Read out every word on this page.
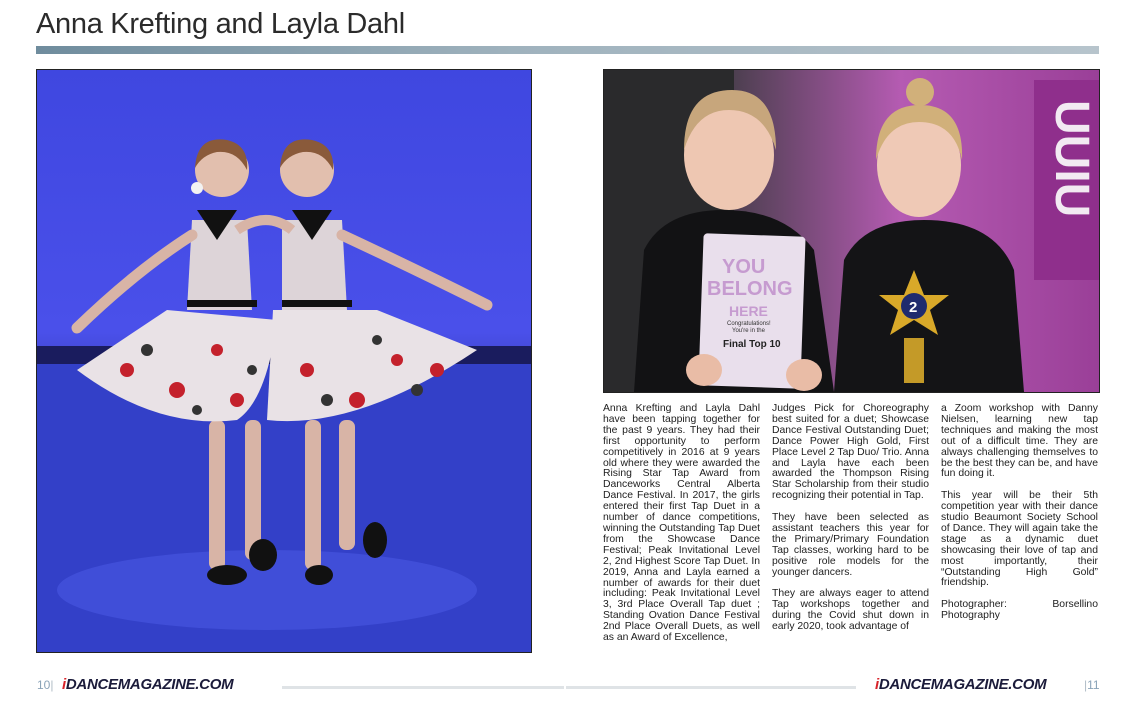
Anna Krefting and Layla Dahl
UUIU
YOU
BELONG
HERE
Congratulations!
You're in the
Final Top 10
2

Anna Krefting and Layla Dahl have been tapping together for the past 9 years. They had their first opportunity to perform competitively in 2016 at 9 years old where they were awarded the Rising Star Tap Award from Danceworks Central Alberta Dance Festival. In 2017, the girls entered their first Tap Duet in a number of dance competitions, winning the Outstanding Tap Duet from the Showcase Dance Festival; Peak Invitational Level 2, 2nd Highest Score Tap Duet. In 2019, Anna and Layla earned a number of awards for their duet including: Peak Invitational Level 3, 3rd Place Overall Tap duet ; Standing Ovation Dance Festival 2nd Place Overall Duets, as well as an Award of Excellence,

Judges Pick for Choreography best suited for a duet; Showcase Dance Festival Outstanding Duet; Dance Power High Gold, First Place Level 2 Tap Duo/ Trio. Anna and Layla have each been awarded the Thompson Rising Star Scholarship from their studio recognizing their potential in Tap.

They have been selected as assistant teachers this year for the Primary/Primary Foundation Tap classes, working hard to be positive role models for the younger dancers.

They are always eager to attend Tap workshops together and during the Covid shut down in early 2020, took advantage of

a Zoom workshop with Danny Nielsen, learning new tap techniques and making the most out of a difficult time. They are always challenging themselves to be the best they can be, and have fun doing it.

This year will be their 5th competition year with their dance studio Beaumont Society School of Dance. They will again take the stage as a dynamic duet showcasing their love of tap and most importantly, their “Outstanding High Gold” friendship.

Photographer:	Borsellino
Photography
10| iDANCEMAGAZINE.COM	iDANCEMAGAZINE.COM	|11
